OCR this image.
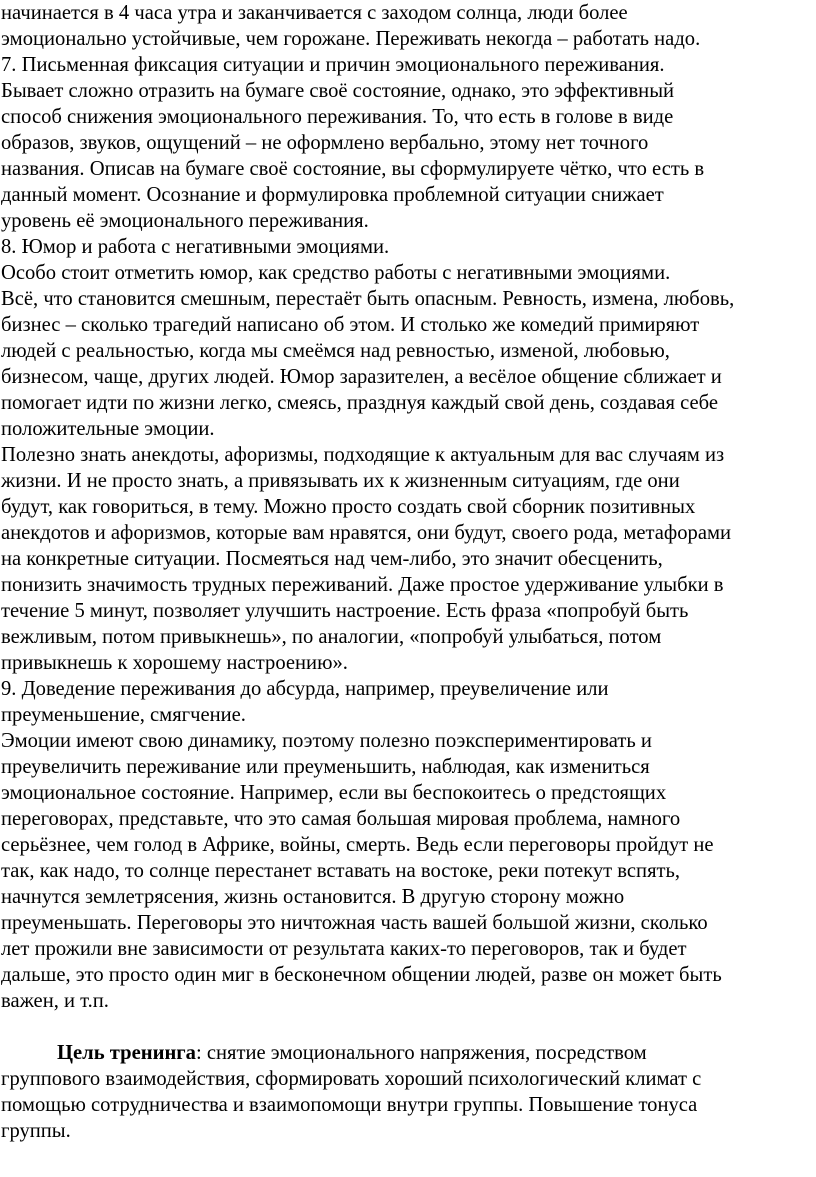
начинается в 4 часа утра и заканчивается с заходом солнца, люди более
эмоционально устойчивые, чем горожане. Переживать некогда – работать надо.
7. Письменная фиксация ситуации и причин эмоционального переживания.
Бывает сложно отразить на бумаге своё состояние, однако, это эффективный
способ снижения эмоционального переживания. То, что есть в голове в виде
образов, звуков, ощущений – не оформлено вербально, этому нет точного
названия. Описав на бумаге своё состояние, вы сформулируете чётко, что есть в
данный момент. Осознание и формулировка проблемной ситуации снижает
уровень её эмоционального переживания.
8. Юмор и работа с негативными эмоциями.
Особо стоит отметить юмор, как средство работы с негативными эмоциями.
Всё, что становится смешным, перестаёт быть опасным. Ревность, измена, любовь,
бизнес – сколько трагедий написано об этом. И столько же комедий примиряют
людей с реальностью, когда мы смеёмся над ревностью, изменой, любовью,
бизнесом, чаще, других людей. Юмор заразителен, а весёлое общение сближает и
помогает идти по жизни легко, смеясь, празднуя каждый свой день, создавая себе
положительные эмоции.
Полезно знать анекдоты, афоризмы, подходящие к актуальным для вас случаям из
жизни. И не просто знать, а привязывать их к жизненным ситуациям, где они
будут, как говориться, в тему. Можно просто создать свой сборник позитивных
анекдотов и афоризмов, которые вам нравятся, они будут, своего рода, метафорами
на конкретные ситуации. Посмеяться над чем-либо, это значит обесценить,
понизить значимость трудных переживаний. Даже простое удерживание улыбки в
течение 5 минут, позволяет улучшить настроение. Есть фраза «попробуй быть
вежливым, потом привыкнешь», по аналогии, «попробуй улыбаться, потом
привыкнешь к хорошему настроению».
9. Доведение переживания до абсурда, например, преувеличение или
преуменьшение, смягчение.
Эмоции имеют свою динамику, поэтому полезно поэкспериментировать и
преувеличить переживание или преуменьшить, наблюдая, как измениться
эмоциональное состояние. Например, если вы беспокоитесь о предстоящих
переговорах, представьте, что это самая большая мировая проблема, намного
серьёзнее, чем голод в Африке, войны, смерть. Ведь если переговоры пройдут не
так, как надо, то солнце перестанет вставать на востоке, реки потекут вспять,
начнутся землетрясения, жизнь остановится. В другую сторону можно
преуменьшать. Переговоры это ничтожная часть вашей большой жизни, сколько
лет прожили вне зависимости от результата каких-то переговоров, так и будет
дальше, это просто один миг в бесконечном общении людей, разве он может быть
важен, и т.п.
Цель тренинга: снятие эмоционального напряжения, посредством
группового взаимодействия, сформировать хороший психологический климат с
помощью сотрудничества и взаимопомощи внутри группы. Повышение тонуса
группы.
